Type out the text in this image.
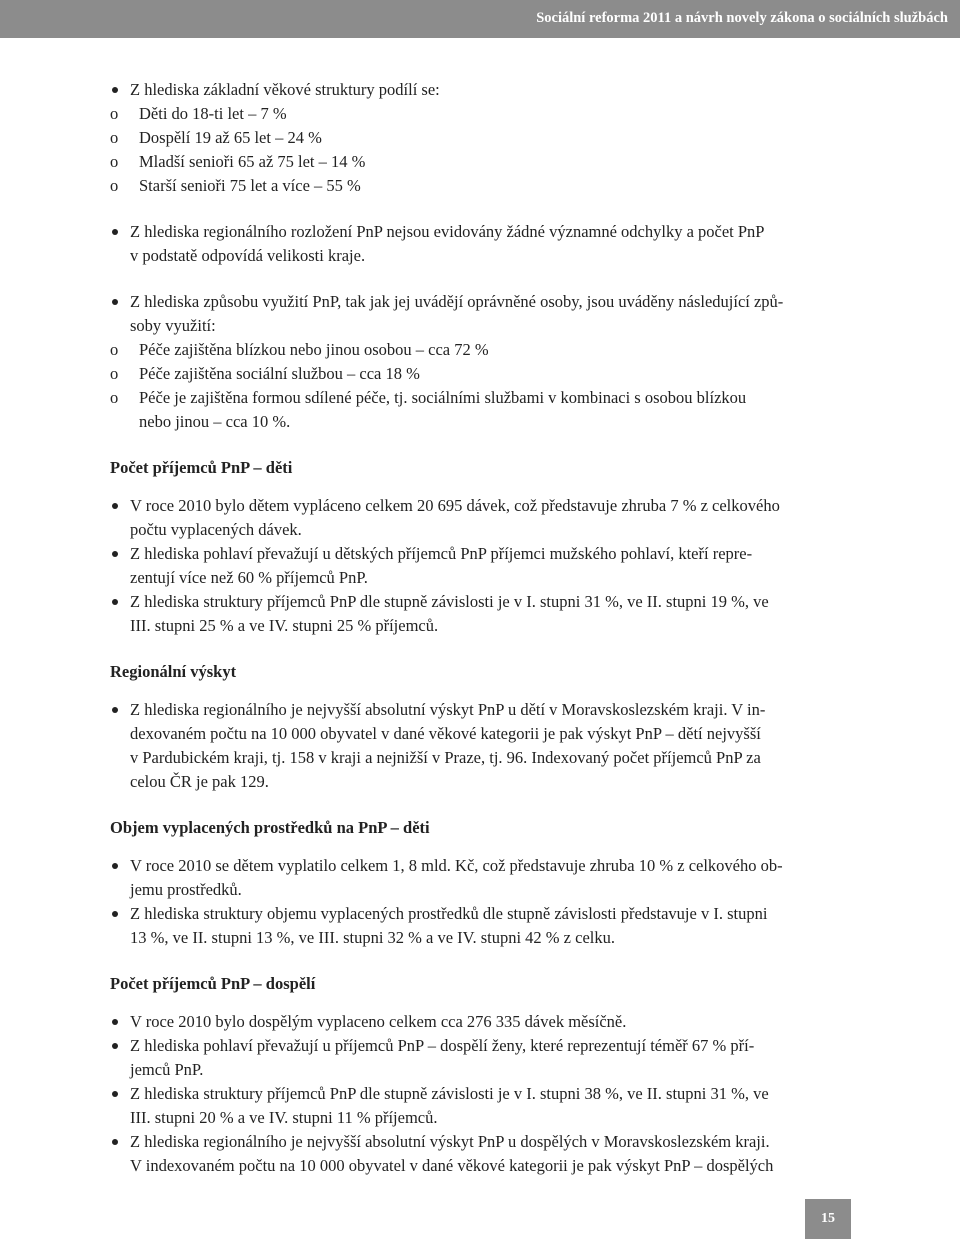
Sociální reforma 2011 a návrh novely zákona o sociálních službách
Z hlediska základní věkové struktury podílí se:
o Děti do 18-ti let – 7 %
o Dospělí 19 až 65 let – 24 %
o Mladší senioři 65 až 75 let – 14 %
o Starší senioři 75 let a více – 55 %
Z hlediska regionálního rozložení PnP nejsou evidovány žádné významné odchylky a počet PnP
v podstatě odpovídá velikosti kraje.
Z hlediska způsobu využití PnP, tak jak jej uvádějí oprávněné osoby, jsou uváděny následující způ-
soby využití:
o Péče zajištěna blízkou nebo jinou osobou – cca 72 %
o Péče zajištěna sociální službou – cca 18 %
o Péče je zajištěna formou sdílené péče, tj. sociálními službami v kombinaci s osobou blízkou
nebo jinou – cca 10 %.
Počet příjemců PnP – děti
V roce 2010 bylo dětem vypláceno celkem 20 695 dávek, což představuje zhruba 7 % z celkového
počtu vyplacených dávek.
Z hlediska pohlaví převažují u dětských příjemců PnP příjemci mužského pohlaví, kteří repre-
zentují více než 60 % příjemců PnP.
Z hlediska struktury příjemců PnP dle stupně závislosti je v I. stupni 31 %, ve II. stupni 19 %, ve
III. stupni 25 % a ve IV. stupni 25 % příjemců.
Regionální výskyt
Z hlediska regionálního je nejvyšší absolutní výskyt PnP u dětí v Moravskoslezském kraji. V in-
dexovaném počtu na 10 000 obyvatel v dané věkové kategorii je pak výskyt PnP – dětí nejvyšší
v Pardubickém kraji, tj. 158 v kraji a nejnižší v Praze, tj. 96. Indexovaný počet příjemců PnP za
celou ČR je pak 129.
Objem vyplacených prostředků na PnP – děti
V roce 2010 se dětem vyplatilo celkem 1, 8 mld. Kč, což představuje zhruba 10 % z celkového ob-
jemu prostředků.
Z hlediska struktury objemu vyplacených prostředků dle stupně závislosti představuje v I. stupni
13 %, ve II. stupni 13 %, ve III. stupni 32 % a ve IV. stupni 42 % z celku.
Počet příjemců PnP – dospělí
V roce 2010 bylo dospělým vyplaceno celkem cca 276 335 dávek měsíčně.
Z hlediska pohlaví převažují u příjemců PnP – dospělí ženy, které reprezentují téměř 67 % pří-
jemců PnP.
Z hlediska struktury příjemců PnP dle stupně závislosti je v I. stupni 38 %, ve II. stupni 31 %, ve
III. stupni 20 % a ve IV. stupni 11 % příjemců.
Z hlediska regionálního je nejvyšší absolutní výskyt PnP u dospělých v Moravskoslezském kraji.
V indexovaném počtu na 10 000 obyvatel v dané věkové kategorii je pak výskyt PnP – dospělých
15
